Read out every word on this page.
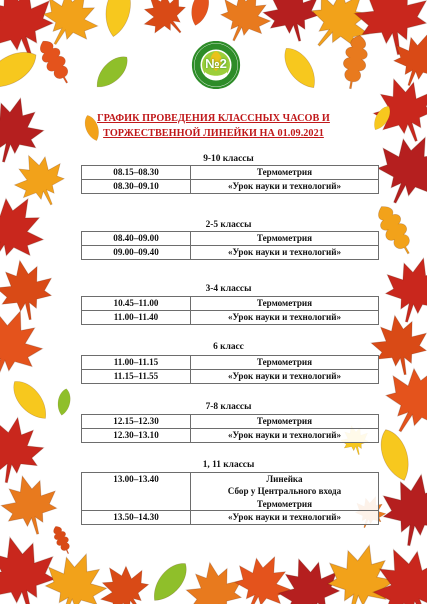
№2
ГРАФИК ПРОВЕДЕНИЯ КЛАССНЫХ ЧАСОВ И
ТОРЖЕСТВЕННОЙ ЛИНЕЙКИ НА 01.09.2021
9-10 классы
08.15–08.30	Термометрия
08.30–09.10	«Урок науки и технологий»
2-5 классы
08.40–09.00	Термометрия
09.00–09.40	«Урок науки и технологий»
3-4 классы
10.45–11.00	Термометрия
11.00–11.40	«Урок науки и технологий»
6 класс
11.00–11.15	Термометрия
11.15–11.55	«Урок науки и технологий»
7-8 классы
12.15–12.30	Термометрия
12.30–13.10	«Урок науки и технологий»
1, 11 классы
13.00–13.40	Линейка
Сбор у Центрального входа
Термометрия

13.50–14.30	«Урок науки и технологий»
